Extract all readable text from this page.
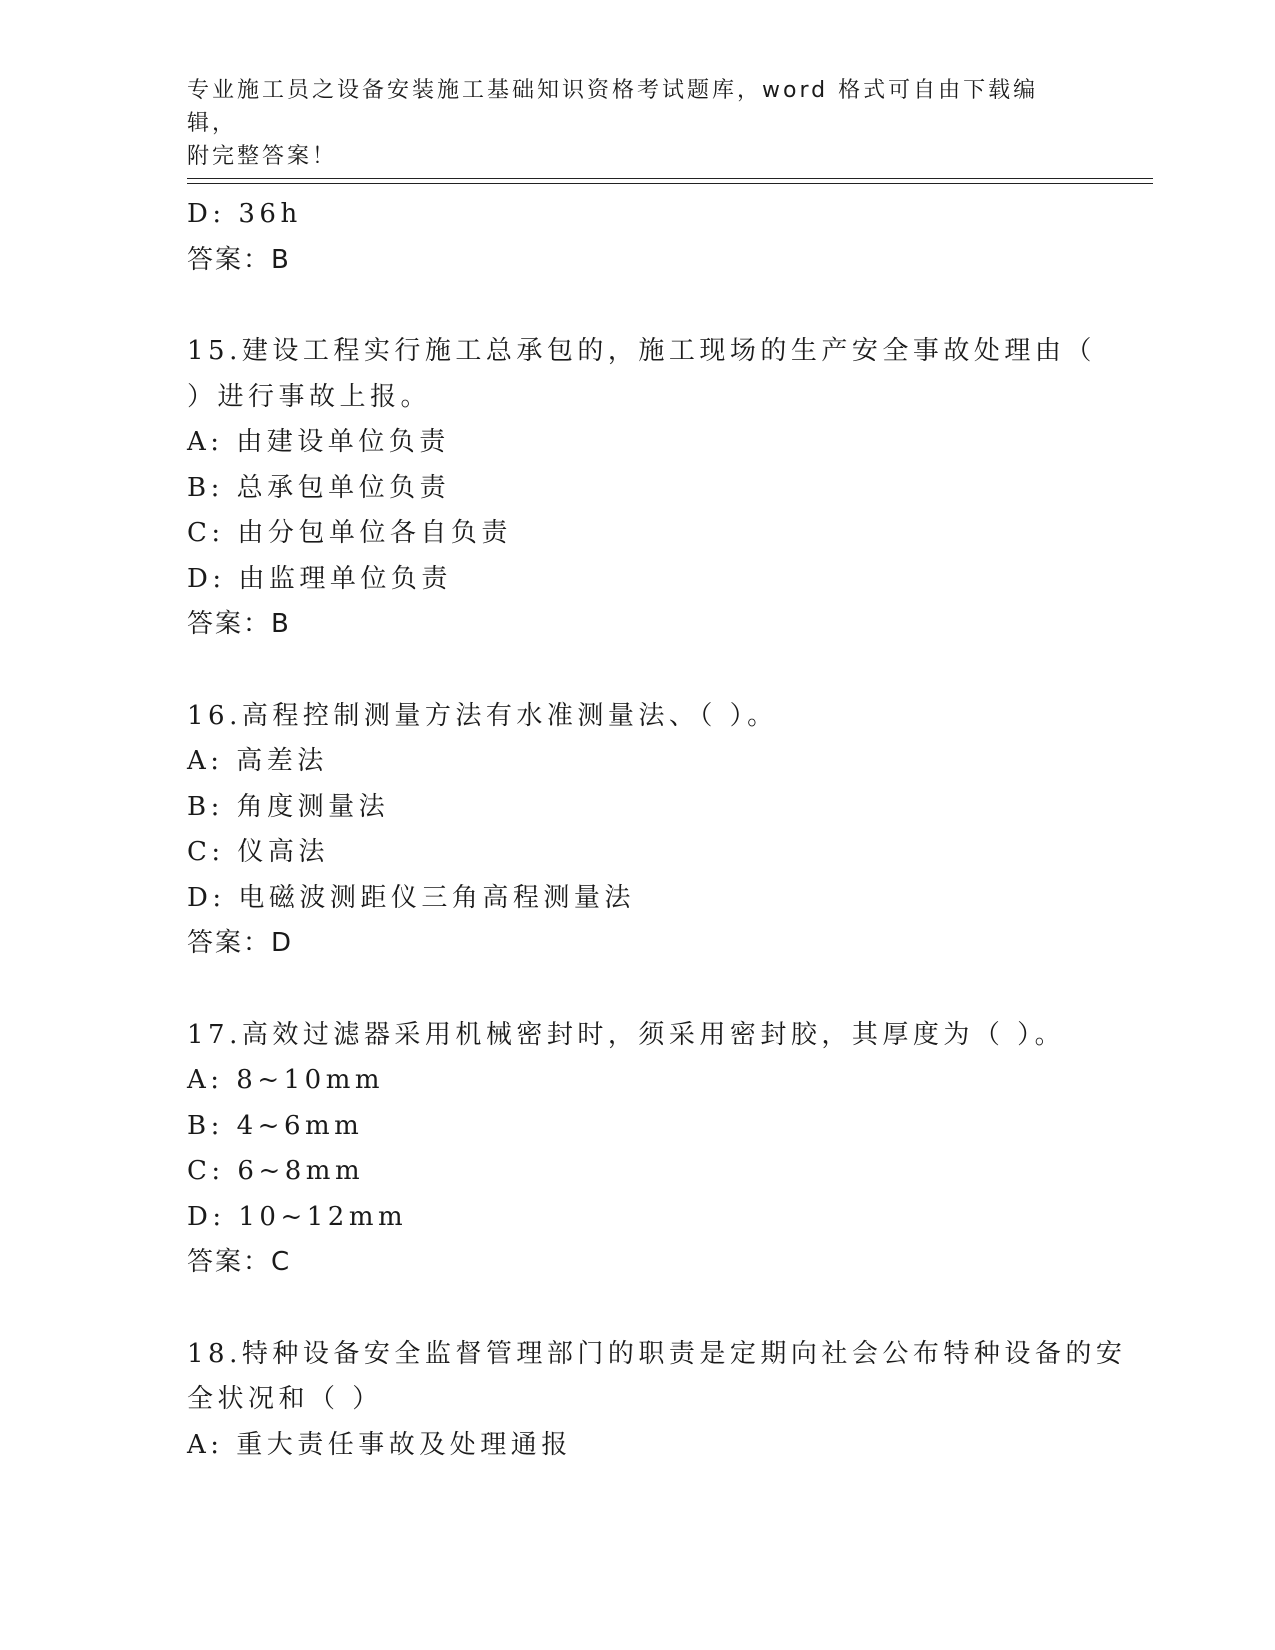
专业施工员之设备安装施工基础知识资格考试题库，word 格式可自由下载编辑，
附完整答案！
D: 36h
答案：B
15.建设工程实行施工总承包的，施工现场的生产安全事故处理由（
）进行事故上报。
A: 由建设单位负责
B: 总承包单位负责
C: 由分包单位各自负责
D: 由监理单位负责
答案：B
16.高程控制测量方法有水准测量法、（ ）。
A: 高差法
B: 角度测量法
C: 仪高法
D: 电磁波测距仪三角高程测量法
答案：D
17.高效过滤器采用机械密封时，须采用密封胶，其厚度为（ ）。
A: 8~10mm
B: 4~6mm
C: 6~8mm
D: 10~12mm
答案：C
18.特种设备安全监督管理部门的职责是定期向社会公布特种设备的安
全状况和（ ）
A: 重大责任事故及处理通报
